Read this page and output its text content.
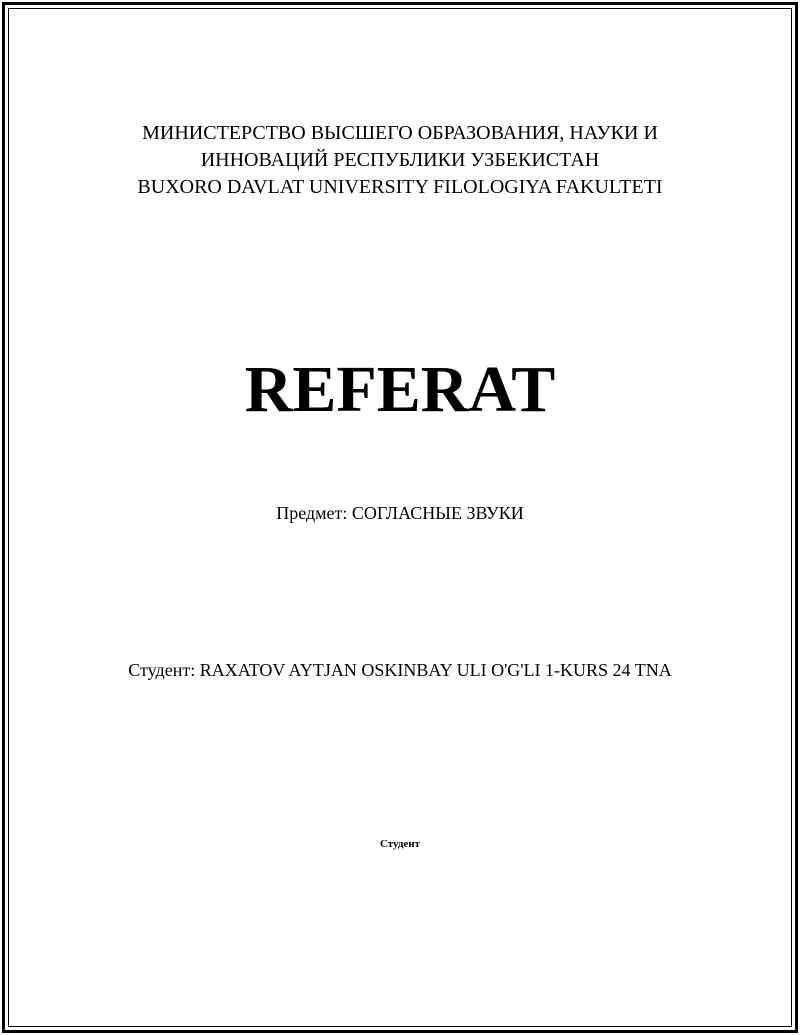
МИНИСТЕРСТВО ВЫСШЕГО ОБРАЗОВАНИЯ, НАУКИ И
ИННОВАЦИЙ РЕСПУБЛИКИ УЗБЕКИСТАН
BUXORO DAVLAT UNIVERSITY FILOLOGIYA FAKULTETI
REFERAT
Предмет: СОГЛАСНЫЕ ЗВУКИ
Студент: RAXATOV AYTJAN OSKINBAY ULI O'G'LI 1-KURS 24 TNA
Студент
